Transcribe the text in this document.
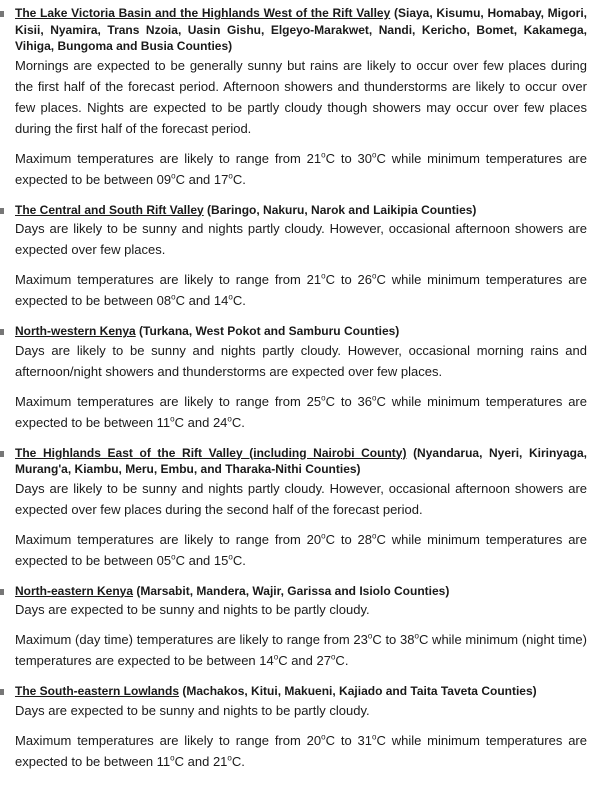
The Lake Victoria Basin and the Highlands West of the Rift Valley (Siaya, Kisumu, Homabay, Migori, Kisii, Nyamira, Trans Nzoia, Uasin Gishu, Elgeyo-Marakwet, Nandi, Kericho, Bomet, Kakamega, Vihiga, Bungoma and Busia Counties)

Mornings are expected to be generally sunny but rains are likely to occur over few places during the first half of the forecast period. Afternoon showers and thunderstorms are likely to occur over few places. Nights are expected to be partly cloudy though showers may occur over few places during the first half of the forecast period.

Maximum temperatures are likely to range from 21$^o$C to 30$^o$C while minimum temperatures are expected to be between 09$^o$C and 17$^o$C.

The Central and South Rift Valley (Baringo, Nakuru, Narok and Laikipia Counties)

Days are likely to be sunny and nights partly cloudy. However, occasional afternoon showers are expected over few places.

Maximum temperatures are likely to range from 21$^o$C to 26$^o$C while minimum temperatures are expected to be between 08$^o$C and 14$^o$C.

North-western Kenya (Turkana, West Pokot and Samburu Counties)

Days are likely to be sunny and nights partly cloudy. However, occasional morning rains and afternoon/night showers and thunderstorms are expected over few places.

Maximum temperatures are likely to range from 25$^o$C to 36$^o$C while minimum temperatures are expected to be between 11$^o$C and 24$^o$C.

The Highlands East of the Rift Valley (including Nairobi County) (Nyandarua, Nyeri, Kirinyaga, Murang'a, Kiambu, Meru, Embu, and Tharaka-Nithi Counties)

Days are likely to be sunny and nights partly cloudy. However, occasional afternoon showers are expected over few places during the second half of the forecast period.

Maximum temperatures are likely to range from 20$^o$C to 28$^o$C while minimum temperatures are expected to be between 05$^o$C and 15$^o$C.

North-eastern Kenya (Marsabit, Mandera, Wajir, Garissa and Isiolo Counties)

Days are expected to be sunny and nights to be partly cloudy.

Maximum (day time) temperatures are likely to range from 23$^o$C to 38$^o$C while minimum (night time) temperatures are expected to be between 14$^o$C and 27$^o$C.

The South-eastern Lowlands (Machakos, Kitui, Makueni, Kajiado and Taita Taveta Counties)

Days are expected to be sunny and nights to be partly cloudy.

Maximum temperatures are likely to range from 20$^o$C to 31$^o$C while minimum temperatures are expected to be between 11$^o$C and 21$^o$C.
